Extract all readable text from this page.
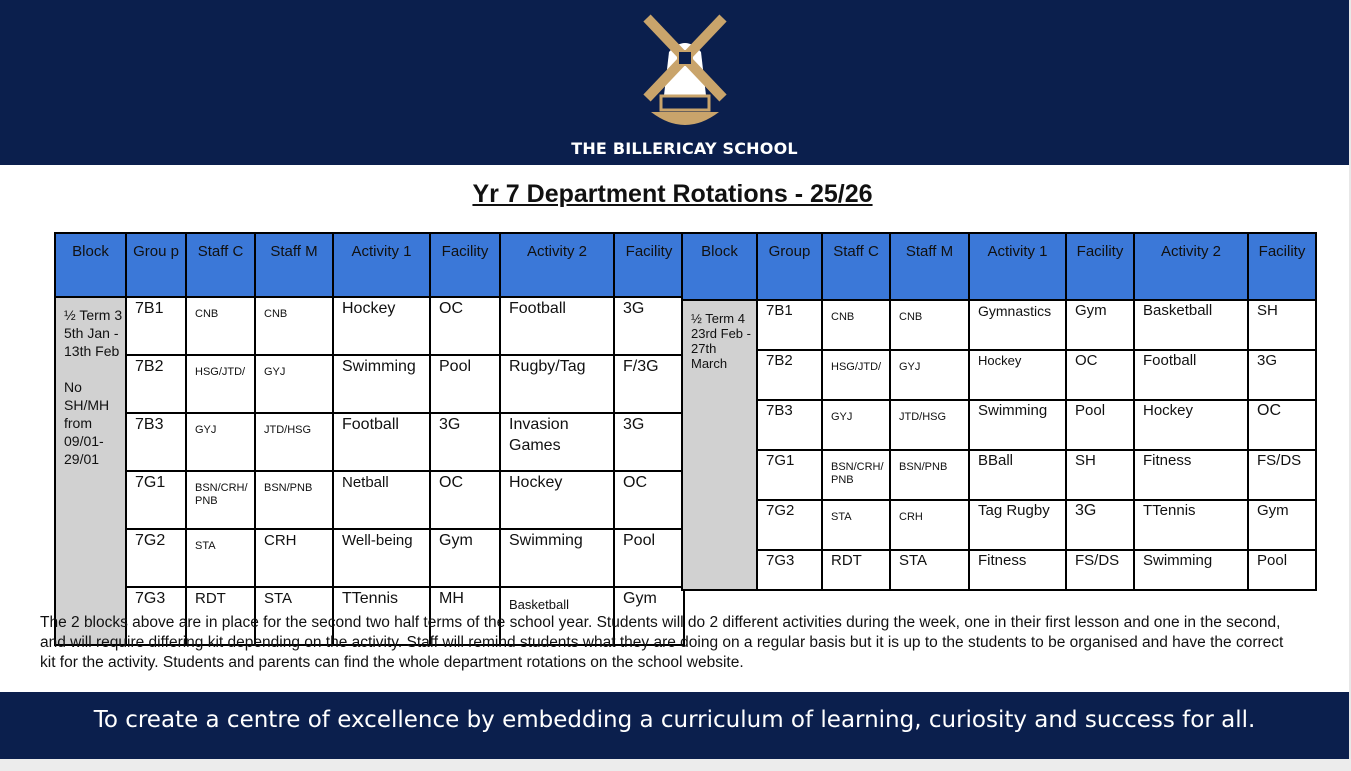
THE BILLERICAY SCHOOL
Yr 7 Department Rotations - 25/26
Block	Grou p	Staff C	Staff M	Activity 1	Facility	Activity 2	Facility
½ Term 3
5th Jan - 13th Feb

No SH/MH from 09/01-29/01	7B1	CNB	CNB	Hockey	OC	Football	3G
	7B2	HSG/JTD/	GYJ	Swimming	Pool	Rugby/Tag	F/3G
	7B3	GYJ	JTD/HSG	Football	3G	Invasion Games	3G
	7G1	BSN/CRH/PNB	BSN/PNB	Netball	OC	Hockey	OC
	7G2	STA	CRH	Well-being	Gym	Swimming	Pool
	7G3	RDT	STA	TTennis	MH	Basketball	Gym
Block	Group	Staff C	Staff M	Activity 1	Facility	Activity 2	Facility
½ Term 4
23rd Feb - 27th March	7B1	CNB	CNB	Gymnastics	Gym	Basketball	SH
	7B2	HSG/JTD/	GYJ	Hockey	OC	Football	3G
	7B3	GYJ	JTD/HSG	Swimming	Pool	Hockey	OC
	7G1	BSN/CRH/PNB	BSN/PNB	BBall	SH	Fitness	FS/DS
	7G2	STA	CRH	Tag Rugby	3G	TTennis	Gym
	7G3	RDT	STA	Fitness	FS/DS	Swimming	Pool
The 2 blocks above are in place for the second two half terms of the school year. Students will do 2 different activities during the week, one in their first lesson and one in the second, and will require differing kit depending on the activity. Staff will remind students what they are doing on a regular basis but it is up to the students to be organised and have the correct kit for the activity. Students and parents can find the whole department rotations on the school website.
To create a centre of excellence by embedding a curriculum of learning, curiosity and success for all.
